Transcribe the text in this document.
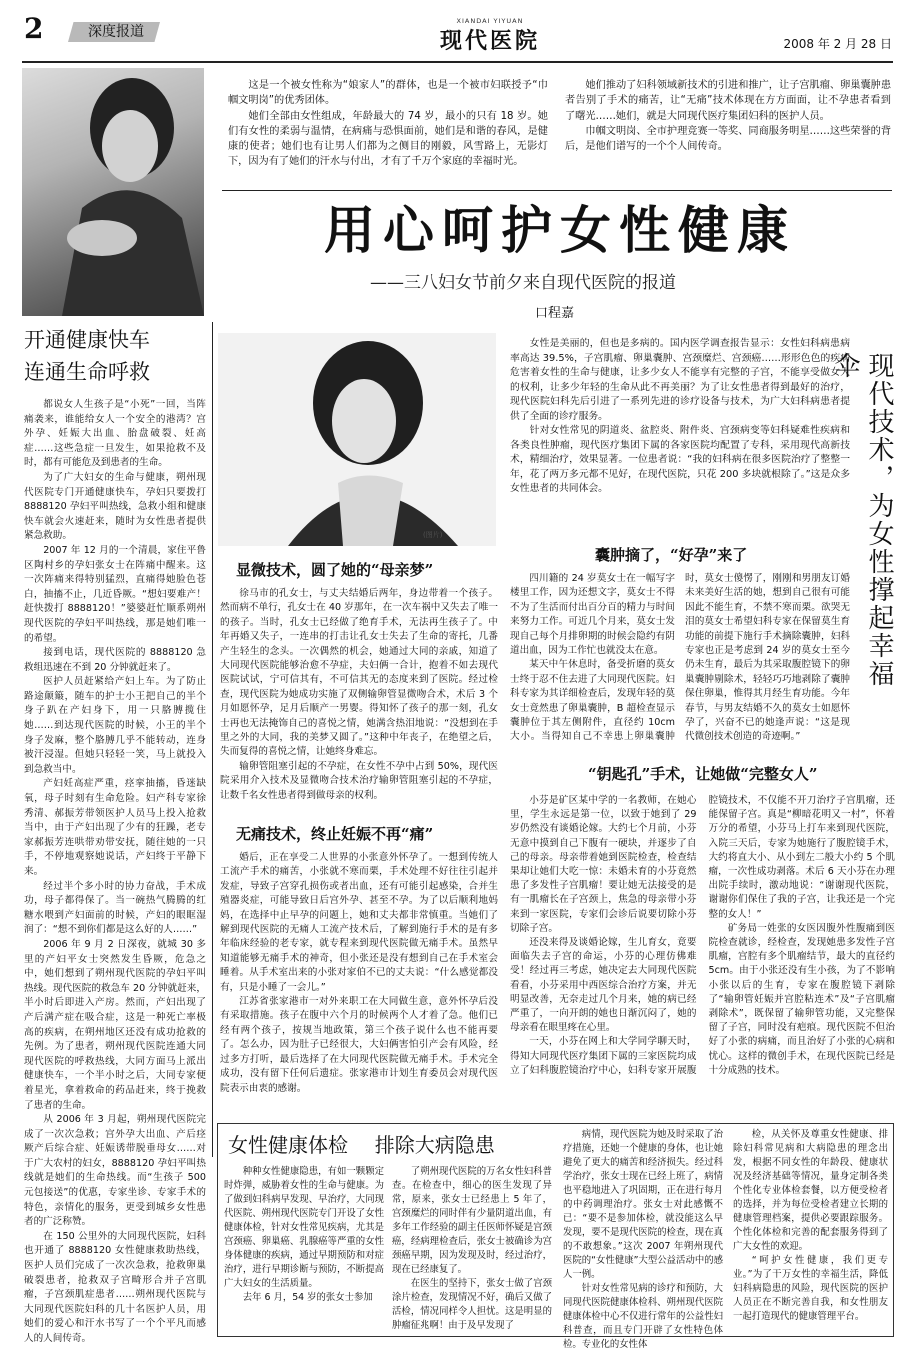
2	深度报道
XIANDAI YIYUAN
现代医院	2008 年 2 月 28 日

这是一个被女性称为“娘家人”的群体，也是一个被市妇联授予“巾帼文明岗”的优秀团体。

她们全部由女性组成，年龄最大的 74 岁，最小的只有 18 岁。她们有女性的柔弱与温情，在病痛与恐惧面前，她们是和谐的春风，是健康的使者；她们也有让男人们都为之侧目的刚毅，风雪路上，无影灯下，因为有了她们的汗水与付出，才有了千万个家庭的幸福时光。

她们推动了妇科领域新技术的引进和推广，让子宫肌瘤、卵巢囊肿患者告别了手术的痛苦，让“无痛”技术体现在方方面面，让不孕患者看到了曙光……她们，就是大同现代医疗集团妇科的医护人员。

巾帼文明岗、全市护理竞赛一等奖、同商服务明星……这些荣誉的背后，是他们谱写的一个个人间传奇。

用心呵护女性健康
——三八妇女节前夕来自现代医院的报道
口程嘉
现代技术，为女性撑起幸福伞
开通健康快车
连通生命呼救

都说女人生孩子是“小死”一回，当阵痛袭来，谁能给女人一个安全的港湾？宫外孕、妊娠大出血、胎盘破裂、妊高症……这些急症一旦发生，如果抢救不及时，都有可能危及到患者的生命。

为了广大妇女的生命与健康，朔州现代医院专门开通健康快车，孕妇只要拨打 8888120 孕妇平叫热线，急救小组和健康快车就会火速赶来，随时为女性患者提供紧急救助。

2007 年 12 月的一个清晨，家住平鲁区陶村乡的孕妇张女士在阵痛中醒来。这一次阵痛来得特别猛烈，直痛得她脸色苍白，抽搐不止，几近昏厥。“想妇要难产！赶快拨打 8888120！”婆婆赶忙顺系朔州现代医院的孕妇平叫热线，那是她们唯一的希望。

接到电话，现代医院的 8888120 急救组迅速在不到 20 分钟就赶来了。

医护人员赶紧给产妇上车。为了防止路途颠簸，随车的护士小王把自己的半个身子趴在产妇身下，用一只胳膊揽住她……到达现代医院的时候，小王的半个身子发麻，整个胳膊几乎不能转动，连身被汗浸湿。但她只轻轻一笑，马上就投入到急救当中。

产妇妊高症严重，痉挛抽搐，昏迷缺氧，母子时刻有生命危险。妇产科专家徐秀清、郝振芳带领医护人员马上投入抢救当中，由于产妇出现了少有的狂躁，老专家郝振芳连哄带劝带安抚，随往她的一只手，不停地观察她说话，产妇终于平静下来。

经过半个多小时的协力奋战，手术成功，母子都得保了。当一碗热气腾腾的红糖水喂到产妇面前的时候，产妇的眼眶湿润了：“想不到你们都是这么好的人……”

2006 年 9 月 2 日深夜，就城 30 多里的产妇平女士突然发生昏厥，危急之中，她们想到了朔州现代医院的孕妇平叫热线。现代医院的救急车 20 分钟就赶来，半小时后即进入产房。然而，产妇出现了产后满产症在吸合症，这是一种死亡率极高的疾病，在朔州地区还没有成功抢救的先例。为了患者，朔州现代医院连通大同现代医院的呼救热线，大同方面马上派出健康快车，一个半小时之后，大同专家便着星光，拿着救命的药品赶来，终于挽救了患者的生命。

从 2006 年 3 月起，朔州现代医院完成了一次次急救；宫外孕大出血、产后痉厥产后综合症、妊娠诱带脱垂母女……对于广大农村的妇女，8888120 孕妇平叫热线就是她们的生命热线。而“生孩子 500 元包接送”的优惠，专家坐诊、专家手术的特色，亲情化的服务，更受到城乡女性患者的广泛称赞。

在 150 公里外的大同现代医院，妇科也开通了 8888120 女性健康救助热线，医护人员们完成了一次次急救，抢救卵巢破裂患者，抢救双子宫畸形合并子宫肌瘤，子宫颈肌症患者……朔州现代医院与大同现代医院妇科的几十名医护人员，用她们的爱心和汗水书写了一个个平凡而感人的人间传奇。

(图片)

女性是美丽的，但也是多病的。国内医学调查报告显示：女性妇科病患病率高达 39.5%，子宫肌瘤、卵巢囊肿、宫颈糜烂、宫颈癌……形形色色的疾病危害着女性的生命与健康，让多少女人不能享有完整的子宫，不能享受做女人的权利，让多少年轻的生命从此不再美丽？为了让女性患者得到最好的治疗，现代医院妇科先后引进了一系列先进的诊疗设备与技术，为广大妇科病患者提供了全面的诊疗服务。

针对女性常见的阴道炎、盆腔炎、附件炎、宫颈病变等妇科疑难性疾病和各类良性肿瘤，现代医疗集团下属的各家医院均配置了专科，采用现代高新技术，精细治疗，效果显著。一位患者说：“我的妇科病在很多医院治疗了整整一年，花了两万多元都不见好，在现代医院，只花 200 多块就根除了。”这是众多女性患者的共同体会。

显微技术，圆了她的“母亲梦”

徐马市的孔女士，与丈夫结婚后两年，身边带着一个孩子。然而病不单行，孔女士在 40 岁那年，在一次车祸中又失去了唯一的孩子。当时，孔女士已经做了绝育手术，无法再生孩子了。中年再婚又失子，一连串的打击让孔女士失去了生命的寄托，几番产生轻生的念头。一次偶然的机会，她通过大同的亲戚，知道了大同现代医院能够治愈不孕症，夫妇俩一合计，抱着不如去现代医院试试，宁可信其有，不可信其无的态度来到了医院。经过检查，现代医院为她成功实施了双侧输卵管显微吻合术，术后 3 个月如愿怀孕，足月后顺产一男婴。得知怀了孩子的那一刻，孔女士再也无法掩饰自己的喜悦之情，她满含热泪地说：“没想到在手里之外的大同，我的美梦又圆了。”这种中年丧子，在绝望之后，失而复得的喜悦之情，让她终身难忘。

输卵管阻塞引起的不孕症，在女性不孕中占到 50%，现代医院采用介入技术及显微吻合技术治疗输卵管阻塞引起的不孕症，让数千名女性患者得到做母亲的权利。

无痛技术，终止妊娠不再“痛”

婚后，正在享受二人世界的小张意外怀孕了。一想到传统人工流产手术的痛苦，小张就不寒而栗，手术处理不好往往引起并发症，导致子宫穿孔损伤或者出血，还有可能引起感染，合并生殖器炎症，可能导致日后宫外孕、甚至不孕。为了以后顺利地妈妈，在选择中止早孕的问题上，她和丈夫都非常慎重。当她们了解到现代医院的无痛人工流产技术后，了解到施行手术的是有多年临床经验的老专家，就专程来到现代医院做无痛手术。虽然早知道能够无痛手术的神奇，但小张还是没有想到自己在手术室会睡着。从手术室出来的小张对家伯不已的丈夫说：“什么感觉都没有，只是小睡了一会儿。”

江苏省张家港市一对外来职工在大同做生意，意外怀孕后没有采取措施。孩子在腹中六个月的时候两个人才着了急。他们已经有两个孩子，按规当地政策，第三个孩子说什么也不能再要了。怎么办，因为肚子已经很大，大妇俩害怕引产会有风险，经过多方打听，最后选择了在大同现代医院做无痛手术。手术完全成功，没有留下任何后遗症。张家港市计划生育委员会对现代医院表示由衷的感谢。

囊肿摘了，“好孕”来了

四川籍的 24 岁莫女士在一幅写字楼里工作，因为还想文字，莫女士不得不为了生活而付出百分百的精力与时间来努力工作。可近几个月来，莫女士发现自己每个月排卵期的时候会隐约有阴道出血，因为工作忙也就没太在意。

某天中午休息时，备受折磨的莫女士终于忍不住去进了大同现代医院。妇科专家为其详细检查后，发现年轻的莫女士竟然患了卵巢囊肿，B 超检查显示囊肿位于其左侧附件，直径约 10cm 大小。当得知自己不幸患上卵巢囊肿时，莫女士傻愣了，刚刚和男朋友订婚未来美好生活的她，想到自己很有可能因此不能生育，不禁不寒而栗。欲哭无泪的莫女士希望妇科专家在保留莫生育功能的前提下施行手术摘除囊肿，妇科专家也正是考虑到 24 岁的莫女士至今仍未生育，最后为其采取腹腔镜下的卵巢囊肿剔除术，轻轻巧巧地剥除了囊肿保住卵巢，惟得其月经生育功能。今年春节，与男友结婚不久的莫女士如愿怀孕了，兴奋不已的她逢声说：“这是现代微创技术创造的奇迹啊。”

“钥匙孔”手术，让她做“完整女人”

小芬是矿区某中学的一名教师，在她心里，学生永远是第一位，以致于她到了 29 岁仍然没有谈婚论嫁。大约七个月前，小芬无意中摸到自己下腹有一硬块，并逐步了自己的母亲。母亲带着她到医院检查，检查结果却让她们大吃一惊：未婚未育的小芬竟然患了多发性子宫肌瘤！要让她无法接受的是有一肌瘤长在子宫颈上，焦急的母亲带小芬来到一家医院，专家们会诊后说要切除小芬切除子宫。

还没来得及谈婚论嫁，生儿育女，竟要面临失去子宫的命运，小芬的心理仿佛难受！经过再三考虑，她决定去大同现代医院看看，小芬采用中西医综合治疗方案，并无明显改善，无奈走过几个月来，她的病已经严重了，一向开朗的她也日渐沉闷了，她的母亲看在眼里疼在心里。

一天，小芬在网上和大学同学聊天时，得知大同现代医疗集团下属的三家医院均成立了妇科腹腔镜治疗中心，妇科专家开展腹腔镜技术，不仅能不开刀治疗子宫肌瘤，还能保留子宫。真是“柳暗花明又一村”，怀着万分的希望，小芬马上打车来到现代医院，入院三天后，专家为她施行了腹腔镜手术，大约将直大小、从小到左二般大小约 5 个肌瘤，一次性成功剥落。术后 6 天小芬在办理出院手续时，激动地说：“谢谢现代医院，谢谢你们保住了我的子宫，让我还是一个完整的女人！”

矿务局一姓张的女医因腹外性腹痛到医院检查就诊，经检查，发现她患多发性子宫肌瘤，宫腔有多个肌瘤结节，最大的直径约 5cm。由于小张还没有生小孩，为了不影响小张以后的生育，专家在腹腔镜下剥除了“输卵管妊娠并宫腔粘连术”及“子宫肌瘤剥除术”，既保留了输卵管功能，又完整保留了子宫，同时没有疤痕。现代医院不但治好了小张的病痛，而且治好了小张的心病和忧心。这样的微创手术，在现代医院已经是十分成熟的技术。

女性健康体检 排除大病隐患

种种女性健康隐患，有如一颗颗定时炸弹，威胁着女性的生命与健康。为了做到妇科病早发现、早治疗，大同现代医院、朔州现代医院专门开设了女性健康体检，针对女性常见疾病，尤其是宫颈癌、卵巢癌、乳腺癌等严重的女性身体健康的疾病，通过早期预防和对症治疗，进行早期诊断与预防，不断提高广大妇女的生活质量。

去年 6 月，54 岁的张女士参加

了朔州现代医院的万名女性妇科普查。在检查中，细心的医生发现了异常，原来，张女士已经患上 5 年了，宫颈糜烂的同时伴有少量阴道出血，有多年工作经验的副主任医师怀疑是宫颈癌，经病理检查后，张女士被确诊为宫颈癌早期，因为发现及时，经过治疗，现在已经康复了。

在医生的坚持下，张女士做了宫颈涂片检查，发现情况不好，确后又做了活检，情况同样令人担忧。这是明显的肿瘤征兆啊！由于及早发现了

病情，现代医院为她及时采取了治疗措施，还她一个健康的身体，也让她避免了更大的痛苦和经济损失。经过科学治疗，张女士现在已经上班了，病情也平稳地进入了巩固期，正在进行每月的中药调理治疗。张女士对此感慨不已：“要不是参加体检，就没能这么早发现，要不是现代医院的检查，现在真的不敢想象。”这次 2007 年朔州现代医院的“女性健康”大型公益活动中的感人一例。

针对女性常见病的诊疗和预防，大同现代医院健康体检科、朔州现代医院健康体检中心不仅进行常年的公益性妇科普查，而且专门开辟了女性特色体检。专业化的女性体

检，从关怀及尊重女性健康、排除妇科常见病和大病隐患的理念出发，根据不同女性的年龄段、健康状况及经济基础等情况，量身定制各类个性化专业体检套餐，以方便受检者的选择，并为每位受检者建立长期的健康管理档案，提供必要跟踪服务。个性化体检和完善的配套服务得到了广大女性的欢迎。

“呵护女性健康，我们更专业。”为了干万女性的幸福生活，降低妇科病隐患的风险，现代医院的医护人员正在不断完善自我，和女性朋友一起打造现代的健康管理平台。
